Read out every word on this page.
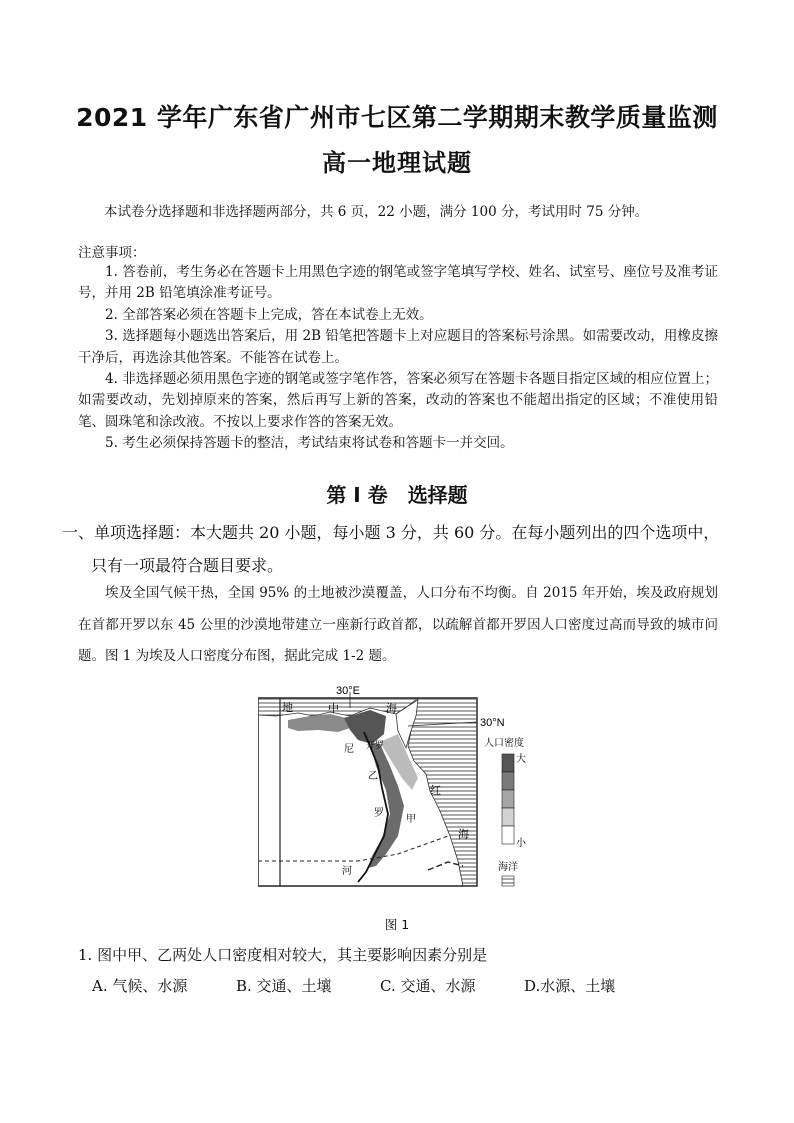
2021 学年广东省广州市七区第二学期期末教学质量监测
高一地理试题
本试卷分选择题和非选择题两部分，共 6 页，22 小题，满分 100 分，考试用时 75 分钟。
注意事项：

1. 答卷前，考生务必在答题卡上用黑色字迹的钢笔或签字笔填写学校、姓名、试室号、座位号及准考证号，并用 2B 铅笔填涂准考证号。

2. 全部答案必须在答题卡上完成，答在本试卷上无效。

3. 选择题每小题选出答案后，用 2B 铅笔把答题卡上对应题目的答案标号涂黑。如需要改动，用橡皮擦干净后，再选涂其他答案。不能答在试卷上。

4. 非选择题必须用黑色字迹的钢笔或签字笔作答，答案必须写在答题卡各题目指定区域的相应位置上；如需要改动，先划掉原来的答案，然后再写上新的答案，改动的答案也不能超出指定的区域；不准使用铅笔、圆珠笔和涂改液。不按以上要求作答的答案无效。

5. 考生必须保持答题卡的整洁，考试结束将试卷和答题卡一并交回。

第 I 卷 选择题
一、单项选择题：本大题共 20 小题，每小题 3 分，共 60 分。在每小题列出的四个选项中，
只有一项最符合题目要求。
埃及全国气候干热，全国 95% 的土地被沙漠覆盖，人口分布不均衡。自 2015 年开始，埃及政府规划在首都开罗以东 45 公里的沙漠地带建立一座新行政首都，以疏解首都开罗因人口密度过高而导致的城市问题。图 1 为埃及人口密度分布图，据此完成 1-2 题。
30°E
30°N
地	中	海
红
海
尼
罗
河
开罗
乙
甲
人口密度
大
小
海洋
图 1
1. 图中甲、乙两处人口密度相对较大，其主要影响因素分别是
A. 气候、水源	B. 交通、土壤	C. 交通、水源	D.水源、土壤
